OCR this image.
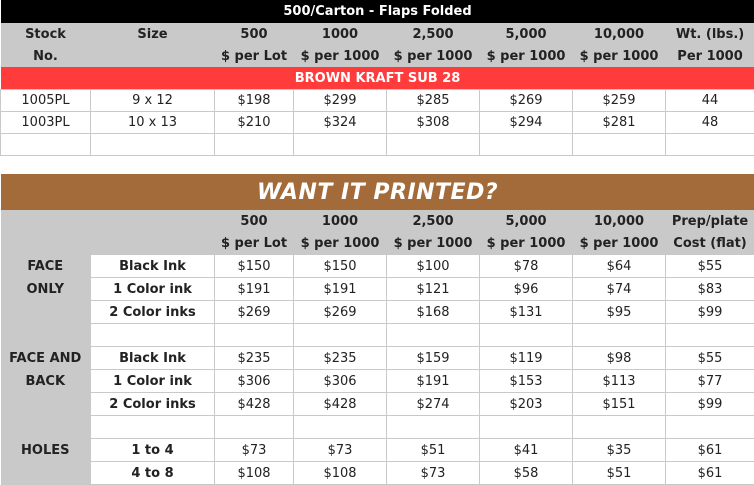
500/Carton - Flaps Folded							
Stock	Size	500	1000	2,500	5,000	10,000	Wt. (lbs.)
No.		$ per Lot	$ per 1000	$ per 1000	$ per 1000	$ per 1000	Per 1000
BROWN KRAFT SUB 28							
1005PL	9 x 12	$198	$299	$285	$269	$259	44
1003PL	10 x 13	$210	$324	$308	$294	$281	48

WANT IT PRINTED?							
		500	1000	2,500	5,000	10,000	Prep/plate
		$ per Lot	$ per 1000	$ per 1000	$ per 1000	$ per 1000	Cost (flat)
FACE	Black Ink	$150	$150	$100	$78	$64	$55
ONLY	1 Color ink	$191	$191	$121	$96	$74	$83
	2 Color inks	$269	$269	$168	$131	$95	$99

FACE AND	Black Ink	$235	$235	$159	$119	$98	$55
BACK	1 Color ink	$306	$306	$191	$153	$113	$77
	2 Color inks	$428	$428	$274	$203	$151	$99

HOLES	1 to 4	$73	$73	$51	$41	$35	$61
	4 to 8	$108	$108	$73	$58	$51	$61
